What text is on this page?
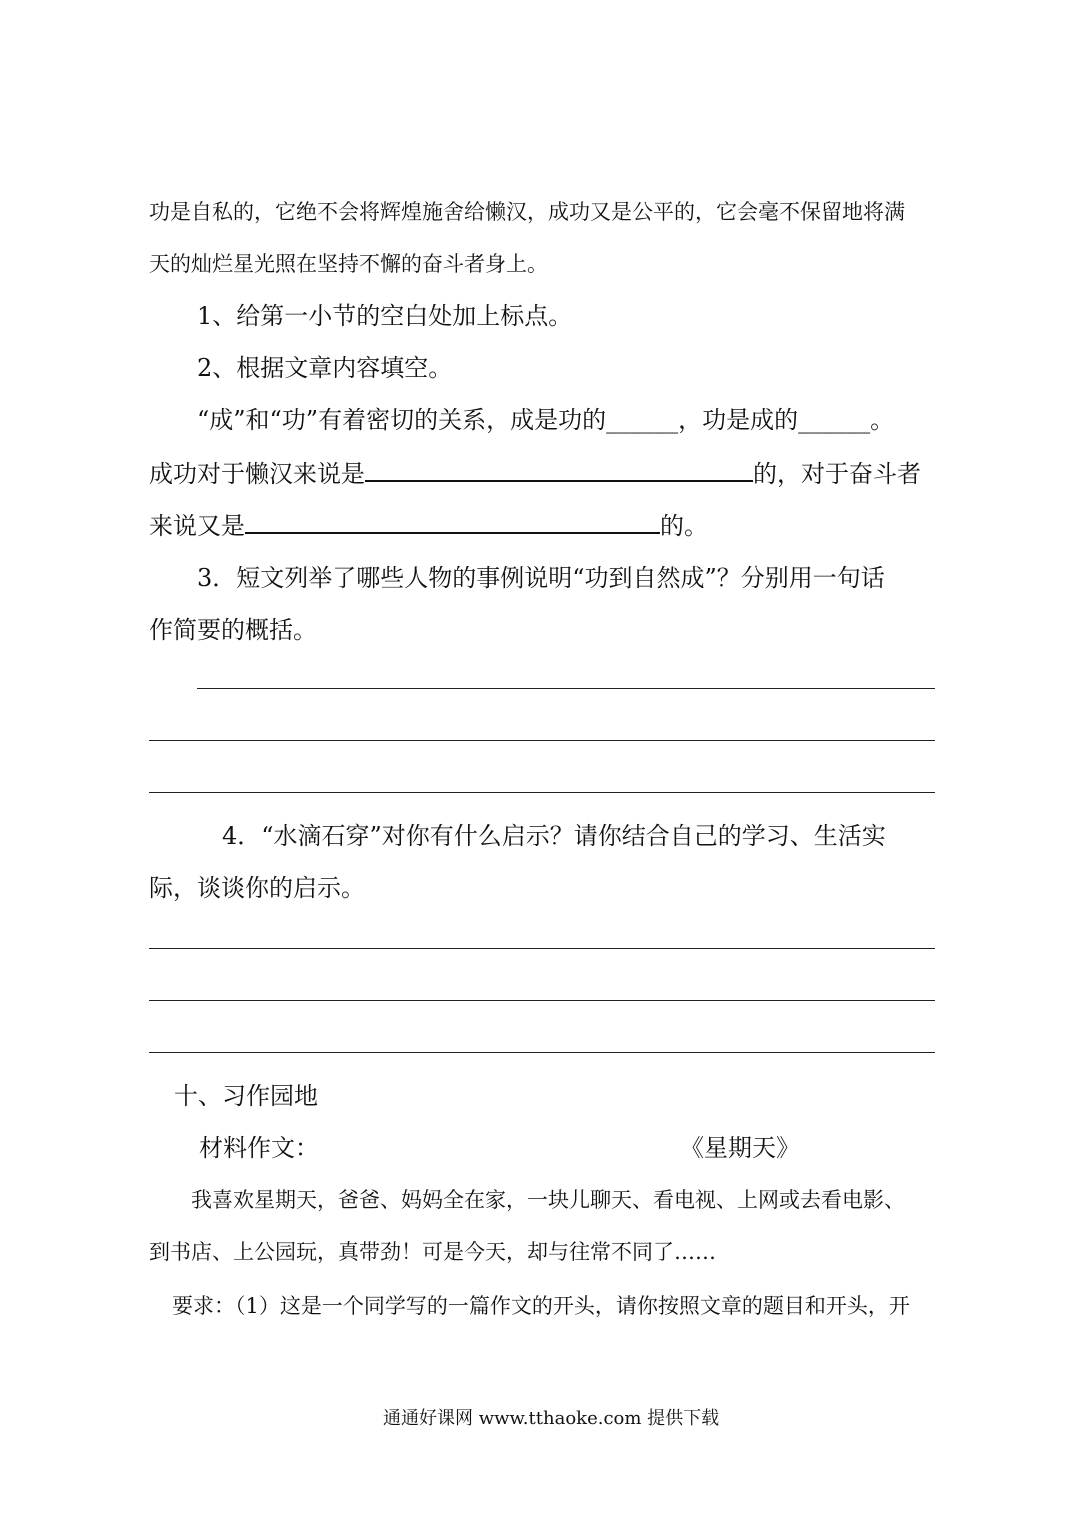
功是自私的，它绝不会将辉煌施舍给懒汉，成功又是公平的，它会毫不保留地将满
天的灿烂星光照在坚持不懈的奋斗者身上。
1、给第一小节的空白处加上标点。
2、根据文章内容填空。
“成”和“功”有着密切的关系，成是功的______，功是成的______。
成功对于懒汉来说是	的，对于奋斗者
来说又是	的。
3．短文列举了哪些人物的事例说明“功到自然成”？分别用一句话
作简要的概括。
4．“水滴石穿”对你有什么启示？请你结合自己的学习、生活实
际，谈谈你的启示。
十、习作园地
材料作文：	《星期天》
我喜欢星期天，爸爸、妈妈全在家，一块儿聊天、看电视、上网或去看电影、
到书店、上公园玩，真带劲！可是今天，却与往常不同了……
要求：（1）这是一个同学写的一篇作文的开头，请你按照文章的题目和开头，开
通通好课网 www.tthaoke.com 提供下载
